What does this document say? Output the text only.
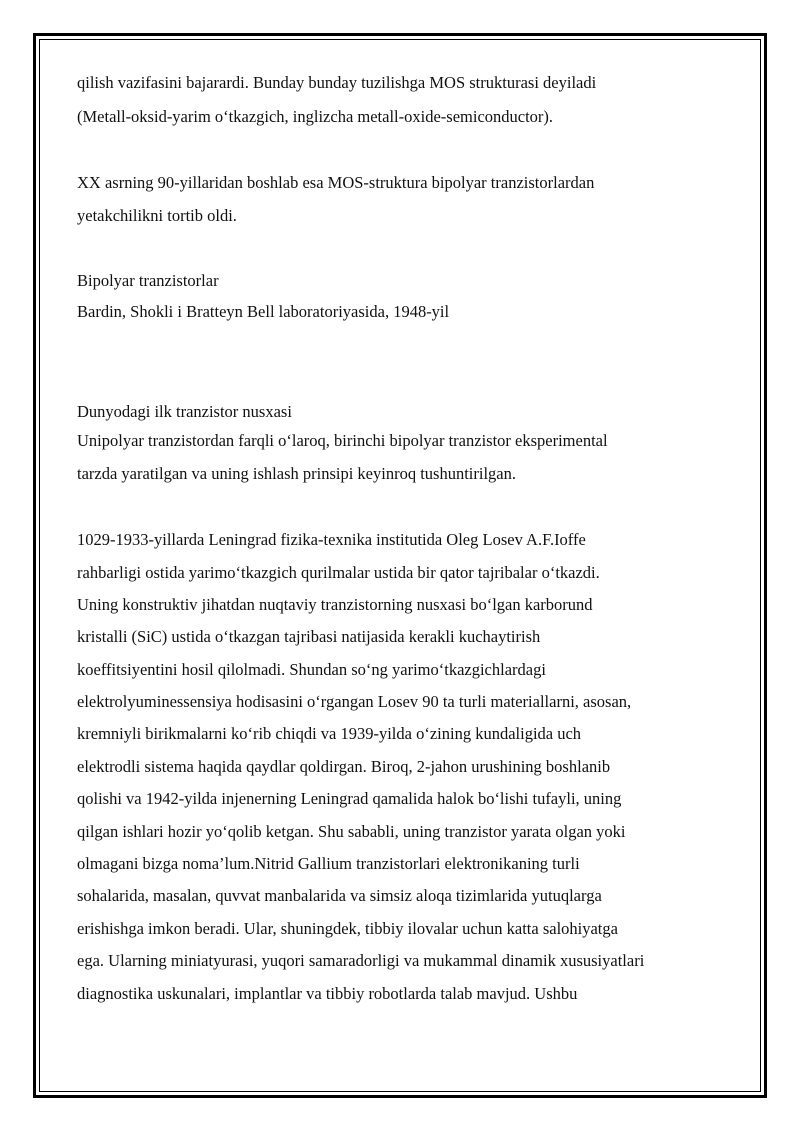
qilish vazifasini bajarardi. Bunday bunday tuzilishga MOS strukturasi deyiladi
(Metall-oksid-yarim oʻtkazgich, inglizcha metall-oxide-semiconductor).
XX asrning 90-yillaridan boshlab esa MOS-struktura bipolyar tranzistorlardan
yetakchilikni tortib oldi.
Bipolyar tranzistorlar
Bardin, Shokli i Bratteyn Bell laboratoriyasida, 1948-yil
Dunyodagi ilk tranzistor nusxasi
Unipolyar tranzistordan farqli oʻlaroq, birinchi bipolyar tranzistor eksperimental
tarzda yaratilgan va uning ishlash prinsipi keyinroq tushuntirilgan.
1029-1933-yillarda Leningrad fizika-texnika institutida Oleg Losev A.F.Ioffe
rahbarligi ostida yarimoʻtkazgich qurilmalar ustida bir qator tajribalar oʻtkazdi.
Uning konstruktiv jihatdan nuqtaviy tranzistorning nusxasi boʻlgan karborund
kristalli (SiC) ustida oʻtkazgan tajribasi natijasida kerakli kuchaytirish
koeffitsiyentini hosil qilolmadi. Shundan soʻng yarimoʻtkazgichlardagi
elektrolyuminessensiya hodisasini oʻrgangan Losev 90 ta turli materiallarni, asosan,
kremniyli birikmalarni koʻrib chiqdi va 1939-yilda oʻzining kundaligida uch
elektrodli sistema haqida qaydlar qoldirgan. Biroq, 2-jahon urushining boshlanib
qolishi va 1942-yilda injenerning Leningrad qamalida halok boʻlishi tufayli, uning
qilgan ishlari hozir yoʻqolib ketgan. Shu sababli, uning tranzistor yarata olgan yoki
olmagani bizga noma’lum.Nitrid Gallium tranzistorlari elektronikaning turli
sohalarida, masalan, quvvat manbalarida va simsiz aloqa tizimlarida yutuqlarga
erishishga imkon beradi. Ular, shuningdek, tibbiy ilovalar uchun katta salohiyatga
ega. Ularning miniatyurasi, yuqori samaradorligi va mukammal dinamik xususiyatlari
diagnostika uskunalari, implantlar va tibbiy robotlarda talab mavjud. Ushbu
